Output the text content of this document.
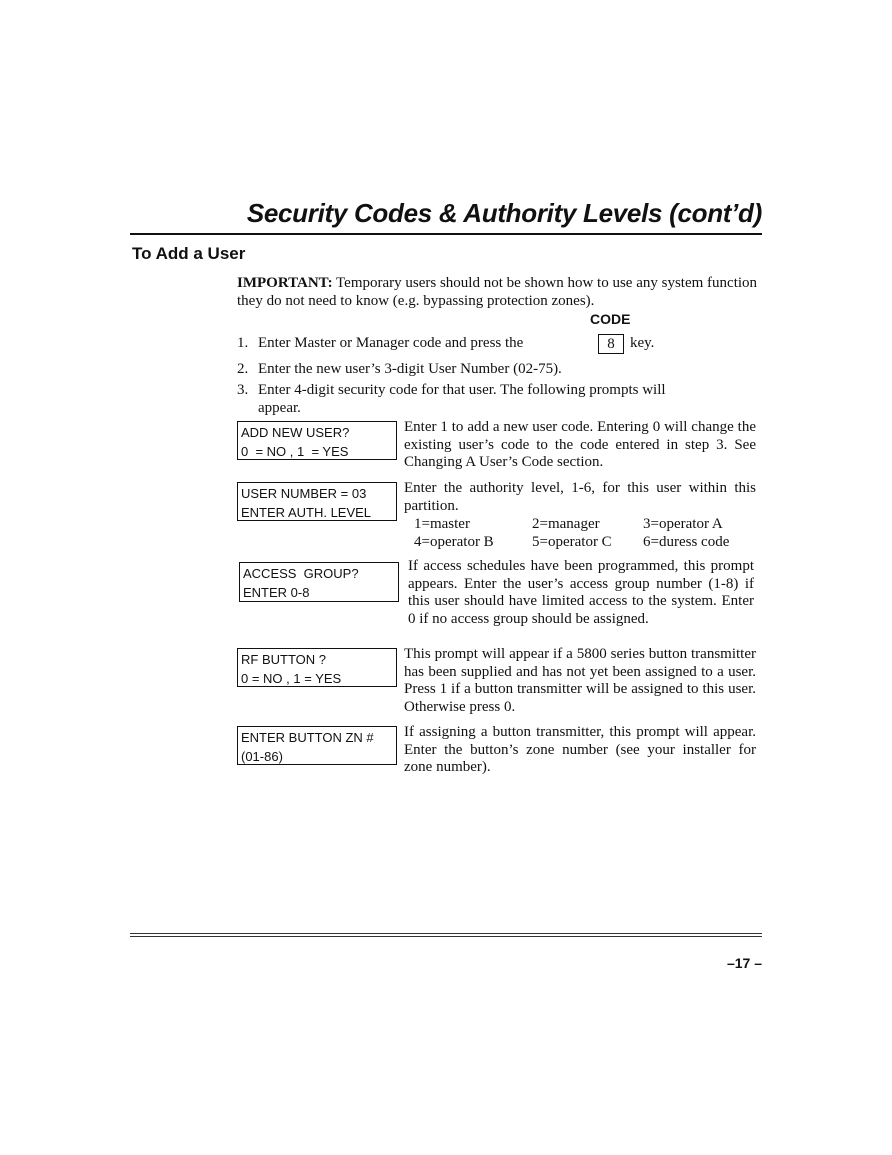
Security Codes & Authority Levels (cont’d)
To Add a User
IMPORTANT: Temporary users should not be shown how to use any system function they do not need to know (e.g. bypassing protection zones).
CODE
1. Enter Master or Manager code and press the	8	key.
2. Enter the new user’s 3-digit User Number (02-75).
3. Enter 4-digit security code for that user. The following prompts will
appear.
ADD NEW USER?
0  = NO , 1  = YES
Enter 1 to add a new user code. Entering 0 will change the existing user’s code to the code entered in step 3. See Changing A User’s Code section.
USER NUMBER = 03
ENTER AUTH. LEVEL
Enter the authority level, 1-6, for this user within this partition.
1=master	2=manager	3=operator A
4=operator B	5=operator C 6=duress code
ACCESS  GROUP?
ENTER 0-8
If access schedules have been programmed, this prompt appears. Enter the user’s access group number (1-8) if this user should have limited access to the system. Enter 0 if no access group should be assigned.
RF BUTTON ?
0 = NO , 1 = YES
This prompt will appear if a 5800 series button transmitter has been supplied and has not yet been assigned to a user. Press 1 if a button transmitter will be assigned to this user. Otherwise press 0.
ENTER BUTTON ZN #
(01-86)
If assigning a button transmitter, this prompt will appear. Enter the button’s zone number (see your installer for zone number).
–17 –
